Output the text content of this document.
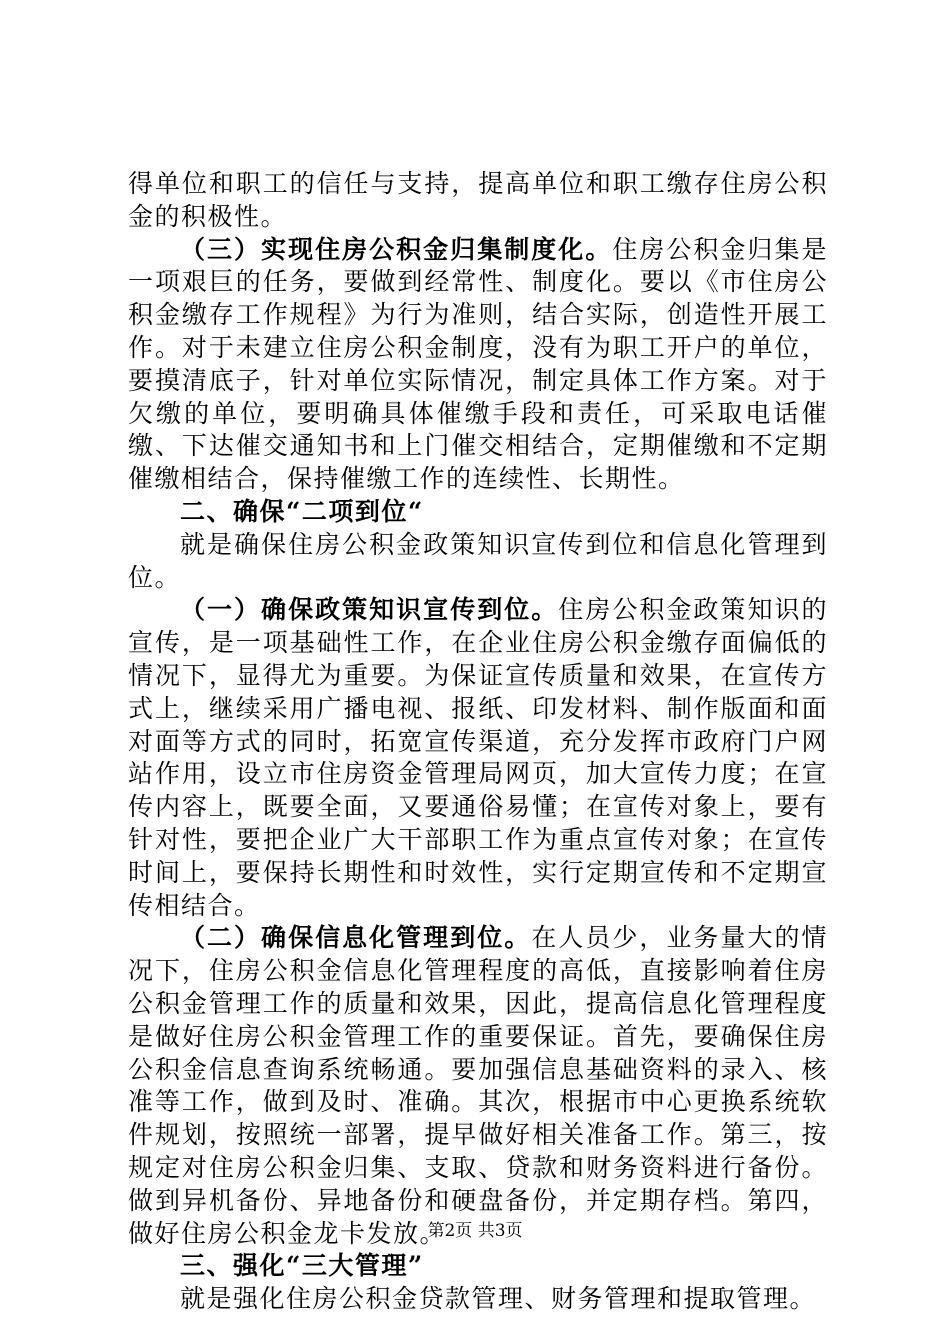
得单位和职工的信任与支持，提高单位和职工缴存住房公积金的积极性。

（三）实现住房公积金归集制度化。住房公积金归集是一项艰巨的任务，要做到经常性、制度化。要以《市住房公积金缴存工作规程》为行为准则，结合实际，创造性开展工作。对于未建立住房公积金制度，没有为职工开户的单位，要摸清底子，针对单位实际情况，制定具体工作方案。对于欠缴的单位，要明确具体催缴手段和责任，可采取电话催缴、下达催交通知书和上门催交相结合，定期催缴和不定期催缴相结合，保持催缴工作的连续性、长期性。

二、确保“二项到位“

就是确保住房公积金政策知识宣传到位和信息化管理到位。

（一）确保政策知识宣传到位。住房公积金政策知识的宣传，是一项基础性工作，在企业住房公积金缴存面偏低的情况下，显得尤为重要。为保证宣传质量和效果，在宣传方式上，继续采用广播电视、报纸、印发材料、制作版面和面对面等方式的同时，拓宽宣传渠道，充分发挥市政府门户网站作用，设立市住房资金管理局网页，加大宣传力度；在宣传内容上，既要全面，又要通俗易懂；在宣传对象上，要有针对性，要把企业广大干部职工作为重点宣传对象；在宣传时间上，要保持长期性和时效性，实行定期宣传和不定期宣传相结合。

（二）确保信息化管理到位。在人员少，业务量大的情况下，住房公积金信息化管理程度的高低，直接影响着住房公积金管理工作的质量和效果，因此，提高信息化管理程度是做好住房公积金管理工作的重要保证。首先，要确保住房公积金信息查询系统畅通。要加强信息基础资料的录入、核准等工作，做到及时、准确。其次，根据市中心更换系统软件规划，按照统一部署，提早做好相关准备工作。第三，按规定对住房公积金归集、支取、贷款和财务资料进行备份。做到异机备份、异地备份和硬盘备份，并定期存档。第四，做好住房公积金龙卡发放。

三、强化“三大管理”

就是强化住房公积金贷款管理、财务管理和提取管理。

第2页 共3页
